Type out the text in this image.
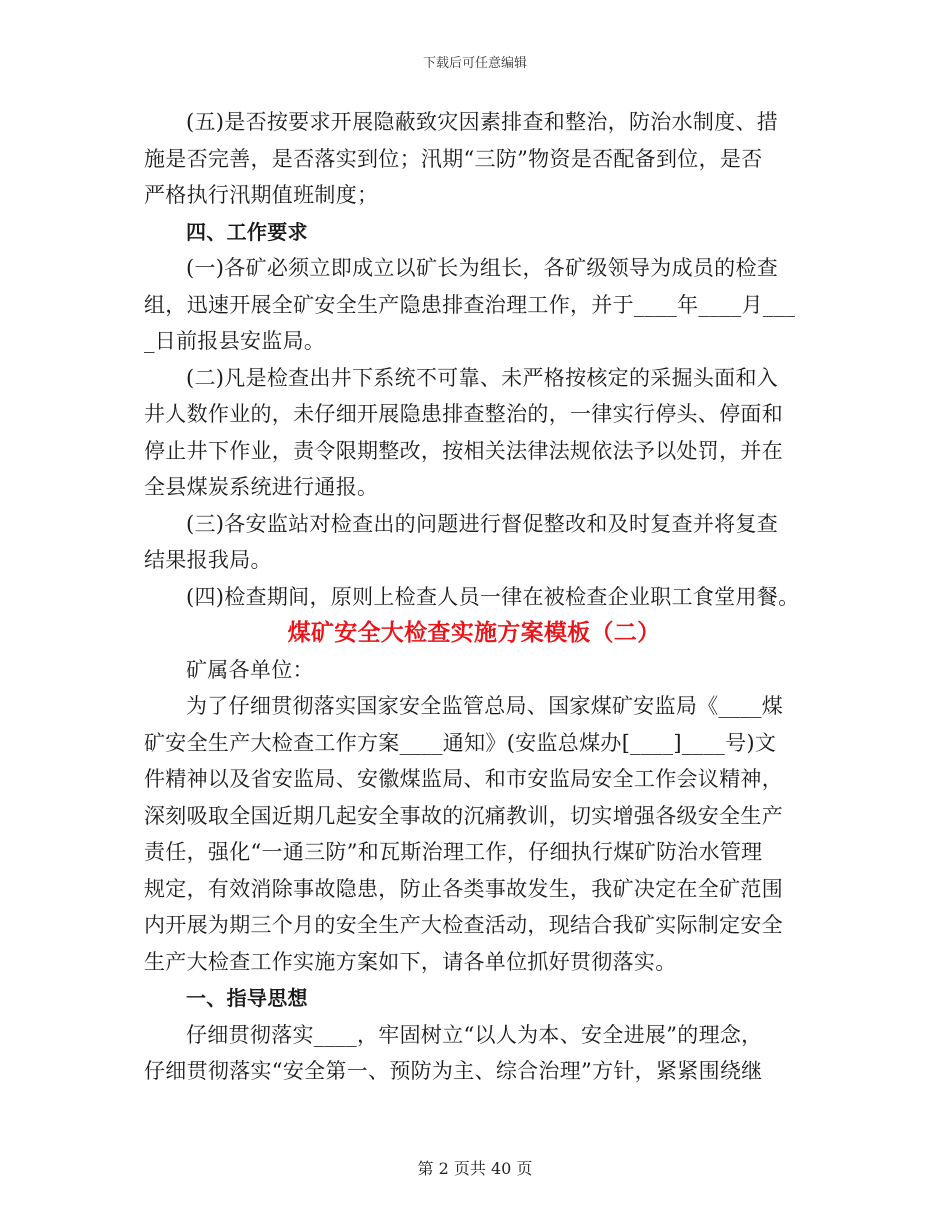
下载后可任意编辑
(五)是否按要求开展隐蔽致灾因素排查和整治，防治水制度、措
施是否完善，是否落实到位；汛期“三防”物资是否配备到位，是否
严格执行汛期值班制度；
四、工作要求
(一)各矿必须立即成立以矿长为组长，各矿级领导为成员的检查
组，迅速开展全矿安全生产隐患排查治理工作，并于____年____月___
_日前报县安监局。
(二)凡是检查出井下系统不可靠、未严格按核定的采掘头面和入
井人数作业的，未仔细开展隐患排查整治的，一律实行停头、停面和
停止井下作业，责令限期整改，按相关法律法规依法予以处罚，并在
全县煤炭系统进行通报。
(三)各安监站对检查出的问题进行督促整改和及时复查并将复查
结果报我局。
(四)检查期间，原则上检查人员一律在被检查企业职工食堂用餐。
煤矿安全大检查实施方案模板（二）
矿属各单位：
为了仔细贯彻落实国家安全监管总局、国家煤矿安监局《____煤
矿安全生产大检查工作方案____通知》(安监总煤办[____]____号)文
件精神以及省安监局、安徽煤监局、和市安监局安全工作会议精神，
深刻吸取全国近期几起安全事故的沉痛教训，切实增强各级安全生产
责任，强化“一通三防”和瓦斯治理工作，仔细执行煤矿防治水管理
规定，有效消除事故隐患，防止各类事故发生，我矿决定在全矿范围
内开展为期三个月的安全生产大检查活动，现结合我矿实际制定安全
生产大检查工作实施方案如下，请各单位抓好贯彻落实。
一、指导思想
仔细贯彻落实____，牢固树立“以人为本、安全进展”的理念，
仔细贯彻落实“安全第一、预防为主、综合治理”方针，紧紧围绕继
第 2 页共 40 页
